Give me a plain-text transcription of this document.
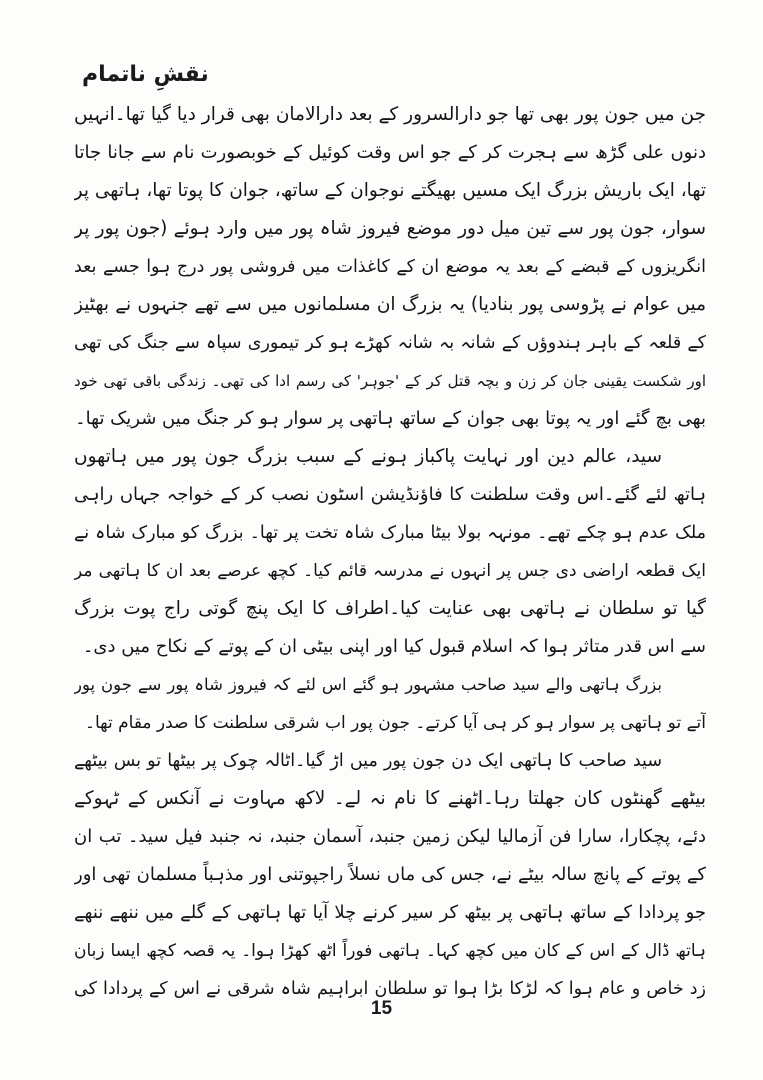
نقشِ ناتمام
جن میں جون پور بھی تھا جو دارالسرور کے بعد دارالامان بھی قرار دیا گیا تھا۔انہیں
دنوں علی گڑھ سے ہجرت کر کے جو اس وقت کوئیل کے خوبصورت نام سے جانا جاتا
تھا، ایک باریش بزرگ ایک مسیں بھیگتے نوجوان کے ساتھ، جوان کا پوتا تھا، ہاتھی پر
سوار، جون پور سے تین میل دور موضع فیروز شاہ پور میں وارد ہوئے (جون پور پر
انگریزوں کے قبضے کے بعد یہ موضع ان کے کاغذات میں فروشی پور درج ہوا جسے بعد
میں عوام نے پڑوسی پور بنادیا) یہ بزرگ ان مسلمانوں میں سے تھے جنہوں نے بھٹیز
کے قلعہ کے باہر ہندوؤں کے شانہ بہ شانہ کھڑے ہو کر تیموری سپاہ سے جنگ کی تھی
اور شکست یقینی جان کر زن و بچہ قتل کر کے 'جوہر' کی رسم ادا کی تھی۔ زندگی باقی تھی خود
بھی بچ گئے اور یہ پوتا بھی جوان کے ساتھ ہاتھی پر سوار ہو کر جنگ میں شریک تھا۔
سید، عالم دین اور نہایت پاکباز ہونے کے سبب بزرگ جون پور میں ہاتھوں
ہاتھ لئے گئے۔اس وقت سلطنت کا فاؤنڈیشن اسٹون نصب کر کے خواجہ جہاں راہی
ملک عدم ہو چکے تھے۔ مونہہ بولا بیٹا مبارک شاہ تخت پر تھا۔ بزرگ کو مبارک شاہ نے
ایک قطعہ اراضی دی جس پر انہوں نے مدرسہ قائم کیا۔ کچھ عرصے بعد ان کا ہاتھی مر
گیا تو سلطان نے ہاتھی بھی عنایت کیا۔اطراف کا ایک پنچ گوتی راج پوت بزرگ
سے اس قدر متاثر ہوا کہ اسلام قبول کیا اور اپنی بیٹی ان کے پوتے کے نکاح میں دی۔
بزرگ ہاتھی والے سید صاحب مشہور ہو گئے اس لئے کہ فیروز شاہ پور سے جون پور
آتے تو ہاتھی پر سوار ہو کر ہی آیا کرتے۔ جون پور اب شرقی سلطنت کا صدر مقام تھا۔
سید صاحب کا ہاتھی ایک دن جون پور میں اڑ گیا۔اٹالہ چوک پر بیٹھا تو بس بیٹھے
بیٹھے گھنٹوں کان جھلتا رہا۔اٹھنے کا نام نہ لے۔ لاکھ مہاوت نے آنکس کے ٹہوکے
دئے، پچکارا، سارا فن آزمالیا لیکن زمین جنبد، آسمان جنبد، نہ جنبد فیل سید۔ تب ان
کے پوتے کے پانچ سالہ بیٹے نے، جس کی ماں نسلاً راجپوتنی اور مذہباً مسلمان تھی اور
جو پردادا کے ساتھ ہاتھی پر بیٹھ کر سیر کرنے چلا آیا تھا ہاتھی کے گلے میں ننھے ننھے
ہاتھ ڈال کے اس کے کان میں کچھ کہا۔ ہاتھی فوراً اٹھ کھڑا ہوا۔ یہ قصہ کچھ ایسا زبان
زد خاص و عام ہوا کہ لڑکا بڑا ہوا تو سلطان ابراہیم شاہ شرقی نے اس کے پردادا کی
15
